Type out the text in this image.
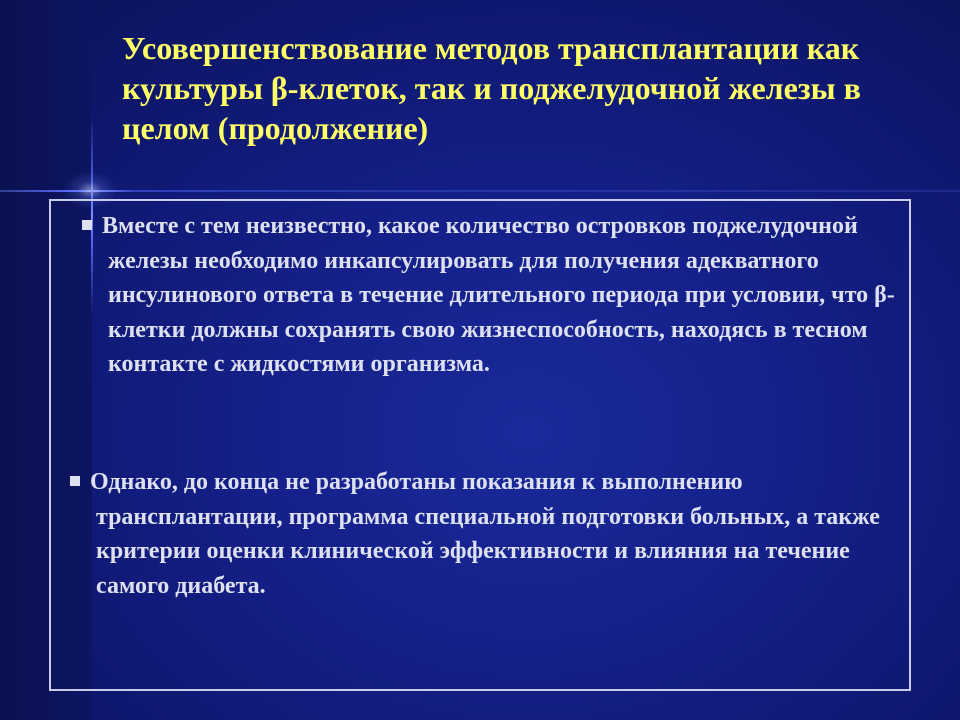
Усовершенствование методов трансплантации как культуры β-клеток, так и поджелудочной железы в целом (продолжение)
Вместе с тем неизвестно, какое количество островков поджелудочной железы необходимо инкапсулировать для получения адекватного инсулинового ответа в течение длительного периода при условии, что β-клетки должны сохранять свою жизнеспособность, находясь в тесном контакте с жидкостями организма.
Однако, до конца не разработаны показания к выполнению трансплантации, программа специальной подготовки больных, а также критерии оценки клинической эффективности и влияния на течение самого диабета.
